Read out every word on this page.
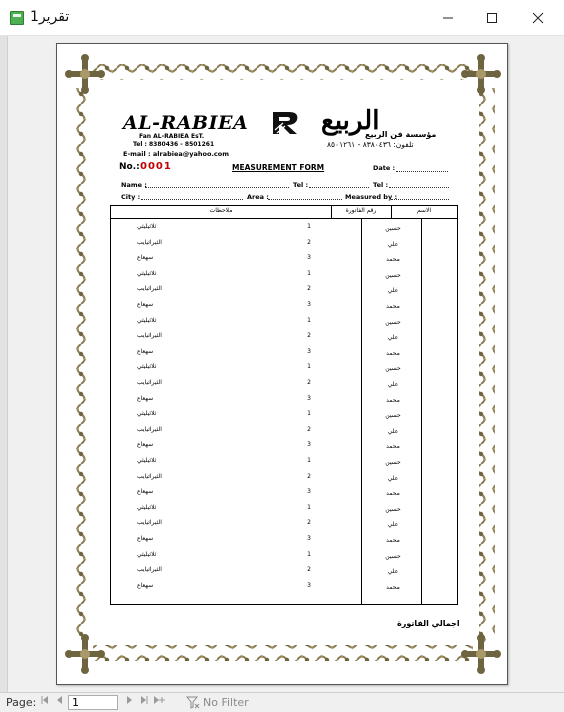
تقرير1
AL-RABIEA
Fan AL-RABIEA EsT.
Tel : 8380436 - 8501261
E-mail : alrabiea@yahoo.com
الربيع
مؤسسة فن الربيع
تلفون: ٨٣٨٠٤٣٦ - ٨٥٠١٢٦١
No.: 0001	MEASUREMENT FORM	Date :
Name :	Tel :	Tel :
City :	Area :	Measured by :
ملاحظات	رقم الفاتورة	الاسم
ثلاثيليثي	1	حسين
الثيراثيايب	2	علي
سهعاع	3	محمد
ثلاثيليثي	1	حسين
الثيراثيايب	2	علي
سهعاع	3	محمد
ثلاثيليثي	1	حسين
الثيراثيايب	2	علي
سهعاع	3	محمد
ثلاثيليثي	1	حسين
الثيراثيايب	2	علي
سهعاع	3	محمد
ثلاثيليثي	1	حسين
الثيراثيايب	2	علي
سهعاع	3	محمد
ثلاثيليثي	1	حسين
الثيراثيايب	2	علي
سهعاع	3	محمد
ثلاثيليثي	1	حسين
الثيراثيايب	2	علي
سهعاع	3	محمد
ثلاثيليثي	1	حسين
الثيراثيايب	2	علي
سهعاع	3	محمد
اجمالي الفاتورة
Page:
1	No Filter
